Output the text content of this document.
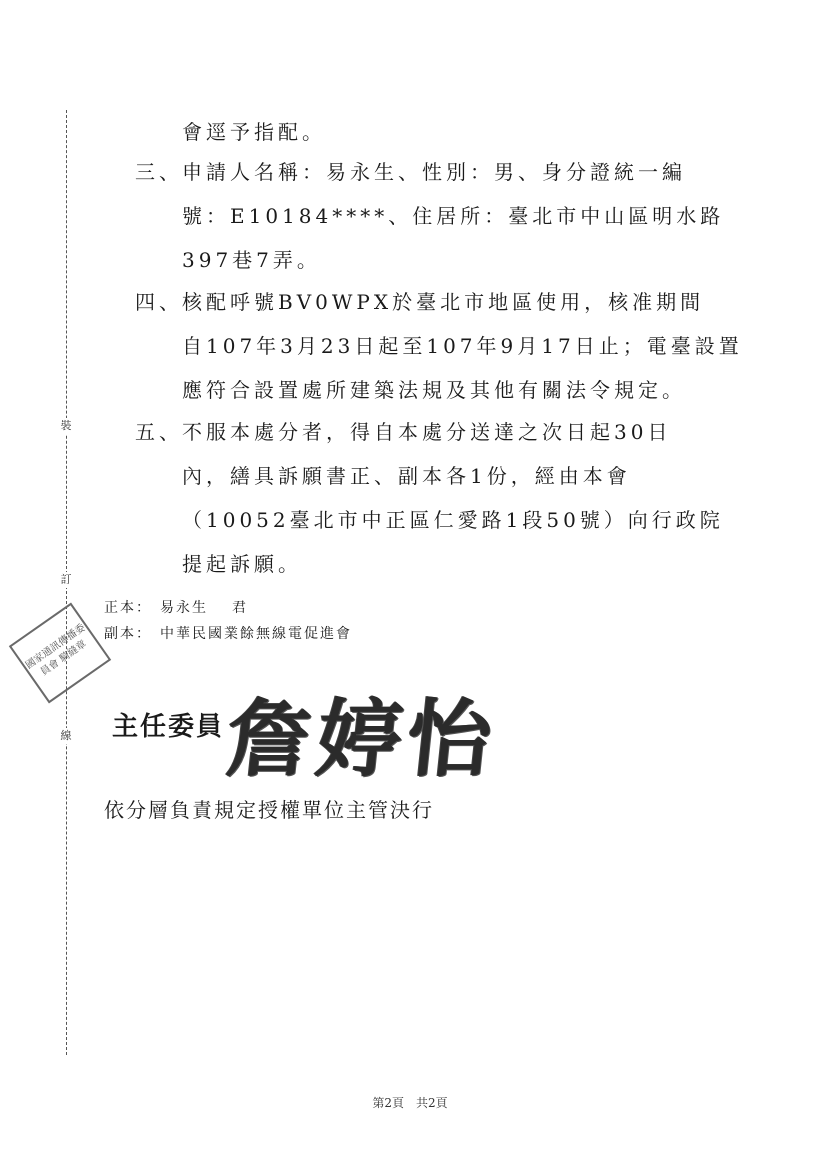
裝
訂
線
會逕予指配。
三、 申請人名稱：易永生、性別：男、身分證統一編
號：E10184****、住居所：臺北市中山區明水路
397巷7弄。
四、 核配呼號BV0WPX於臺北市地區使用，核准期間
自107年3月23日起至107年9月17日止；電臺設置
應符合設置處所建築法規及其他有關法令規定。
五、 不服本處分者，得自本處分送達之次日起30日
內，繕具訴願書正、副本各1份，經由本會
（10052臺北市中正區仁愛路1段50號）向行政院
提起訴願。
正本： 易永生 君
副本： 中華民國業餘無線電促進會
國家通訊傳播委員會 騎縫章
主任委員
詹婷怡
依分層負責規定授權單位主管決行
第2頁　共2頁
